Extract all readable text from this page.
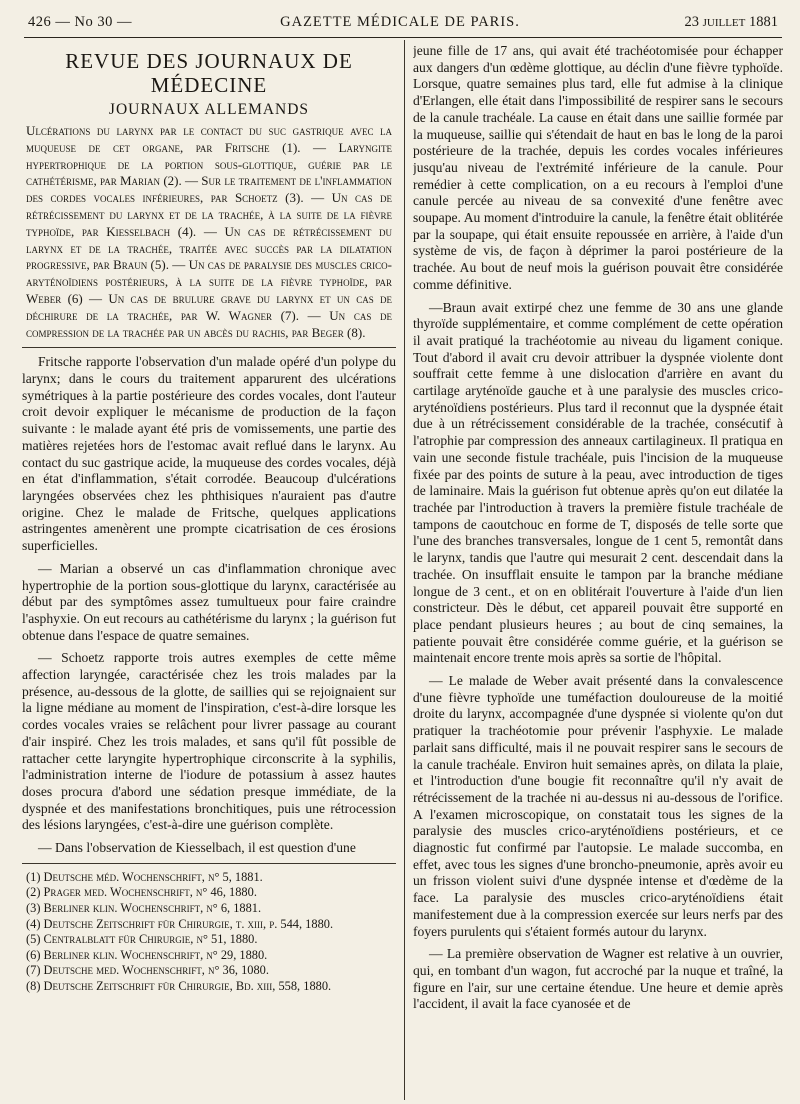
426 — No 30 —	GAZETTE MÉDICALE DE PARIS.	23 JUILLET 1881
REVUE DES JOURNAUX DE MÉDECINE
JOURNAUX ALLEMANDS

Ulcérations du larynx par le contact du suc gastrique avec la muqueuse de cet organe, par Fritsche (1). — Laryngite hypertrophique de la portion sous-glottique, guérie par le cathétérisme, par Marian (2). — Sur le traitement de l'inflammation des cordes vocales inférieures, par Schoetz (3). — Un cas de rétrécissement du larynx et de la trachée, à la suite de la fièvre typhoïde, par Kiesselbach (4). — Un cas de rétrécissement du larynx et de la trachée, traitée avec succès par la dilatation progressive, par Braun (5). — Un cas de paralysie des muscles crico-aryténoïdiens postérieurs, à la suite de la fièvre typhoïde, par Weber (6) — Un cas de brulure grave du larynx et un cas de déchirure de la trachée, par W. Wagner (7). — Un cas de compression de la trachée par un abcès du rachis, par Beger (8).

Fritsche rapporte l'observation d'un malade opéré d'un polype du larynx; dans le cours du traitement apparurent des ulcérations symétriques à la partie postérieure des cordes vocales, dont l'auteur croit devoir expliquer le mécanisme de production de la façon suivante : le malade ayant été pris de vomissements, une partie des matières rejetées hors de l'estomac avait reflué dans le larynx. Au contact du suc gastrique acide, la muqueuse des cordes vocales, déjà en état d'inflammation, s'était corrodée. Beaucoup d'ulcérations laryngées observées chez les phthisiques n'auraient pas d'autre origine. Chez le malade de Fritsche, quelques applications astringentes amenèrent une prompte cicatrisation de ces érosions superficielles.

— Marian a observé un cas d'inflammation chronique avec hypertrophie de la portion sous-glottique du larynx, caractérisée au début par des symptômes assez tumultueux pour faire craindre l'asphyxie. On eut recours au cathétérisme du larynx ; la guérison fut obtenue dans l'espace de quatre semaines.

— Schoetz rapporte trois autres exemples de cette même affection laryngée, caractérisée chez les trois malades par la présence, au-dessous de la glotte, de saillies qui se rejoignaient sur la ligne médiane au moment de l'inspiration, c'est-à-dire lorsque les cordes vocales vraies se relâchent pour livrer passage au courant d'air inspiré. Chez les trois malades, et sans qu'il fût possible de rattacher cette laryngite hypertrophique circonscrite à la syphilis, l'administration interne de l'iodure de potassium à assez hautes doses procura d'abord une sédation presque immédiate, de la dyspnée et des manifestations bronchitiques, puis une rétrocession des lésions laryngées, c'est-à-dire une guérison complète.

— Dans l'observation de Kiesselbach, il est question d'une

(1) Deutsche méd. Wochenschrift, n° 5, 1881.
(2) Prager med. Wochenschrift, n° 46, 1880.
(3) Berliner klin. Wochenschrift, n° 6, 1881.
(4) Deutsche Zeitschrift für Chirurgie, t. xiii, p. 544, 1880.
(5) Centralblatt für Chirurgie, n° 51, 1880.
(6) Berliner klin. Wochenschrift, n° 29, 1880.
(7) Deutsche med. Wochenschrift, n° 36, 1080.
(8) Deutsche Zeitschrift für Chirurgie, Bd. xiii, 558, 1880.

jeune fille de 17 ans, qui avait été trachéotomisée pour échapper aux dangers d'un œdème glottique, au déclin d'une fièvre typhoïde. Lorsque, quatre semaines plus tard, elle fut admise à la clinique d'Erlangen, elle était dans l'impossibilité de respirer sans le secours de la canule trachéale. La cause en était dans une saillie formée par la muqueuse, saillie qui s'étendait de haut en bas le long de la paroi postérieure de la trachée, depuis les cordes vocales inférieures jusqu'au niveau de l'extrémité inférieure de la canule. Pour remédier à cette complication, on a eu recours à l'emploi d'une canule percée au niveau de sa convexité d'une fenêtre avec soupape. Au moment d'introduire la canule, la fenêtre était oblitérée par la soupape, qui était ensuite repoussée en arrière, à l'aide d'un système de vis, de façon à déprimer la paroi postérieure de la trachée. Au bout de neuf mois la guérison pouvait être considérée comme définitive.

—Braun avait extirpé chez une femme de 30 ans une glande thyroïde supplémentaire, et comme complément de cette opération il avait pratiqué la trachéotomie au niveau du ligament conique. Tout d'abord il avait cru devoir attribuer la dyspnée violente dont souffrait cette femme à une dislocation d'arrière en avant du cartilage aryténoïde gauche et à une paralysie des muscles crico-aryténoïdiens postérieurs. Plus tard il reconnut que la dyspnée était due à un rétrécissement considérable de la trachée, consécutif à l'atrophie par compression des anneaux cartilagineux. Il pratiqua en vain une seconde fistule trachéale, puis l'incision de la muqueuse fixée par des points de suture à la peau, avec introduction de tiges de laminaire. Mais la guérison fut obtenue après qu'on eut dilatée la trachée par l'introduction à travers la première fistule trachéale de tampons de caoutchouc en forme de T, disposés de telle sorte que l'une des branches transversales, longue de 1 cent 5, remontât dans le larynx, tandis que l'autre qui mesurait 2 cent. descendait dans la trachée. On insufflait ensuite le tampon par la branche médiane longue de 3 cent., et on en oblitérait l'ouverture à l'aide d'un lien constricteur. Dès le début, cet appareil pouvait être supporté en place pendant plusieurs heures ; au bout de cinq semaines, la patiente pouvait être considérée comme guérie, et la guérison se maintenait encore trente mois après sa sortie de l'hôpital.

— Le malade de Weber avait présenté dans la convalescence d'une fièvre typhoïde une tuméfaction douloureuse de la moitié droite du larynx, accompagnée d'une dyspnée si violente qu'on dut pratiquer la trachéotomie pour prévenir l'asphyxie. Le malade parlait sans difficulté, mais il ne pouvait respirer sans le secours de la canule trachéale. Environ huit semaines après, on dilata la plaie, et l'introduction d'une bougie fit reconnaître qu'il n'y avait de rétrécissement de la trachée ni au-dessus ni au-dessous de l'orifice. A l'examen microscopique, on constatait tous les signes de la paralysie des muscles crico-aryténoïdiens postérieurs, et ce diagnostic fut confirmé par l'autopsie. Le malade succomba, en effet, avec tous les signes d'une broncho-pneumonie, après avoir eu un frisson violent suivi d'une dyspnée intense et d'œdème de la face. La paralysie des muscles crico-aryténoïdiens était manifestement due à la compression exercée sur leurs nerfs par des foyers purulents qui s'étaient formés autour du larynx.

— La première observation de Wagner est relative à un ouvrier, qui, en tombant d'un wagon, fut accroché par la nuque et traîné, la figure en l'air, sur une certaine étendue. Une heure et demie après l'accident, il avait la face cyanosée et de
